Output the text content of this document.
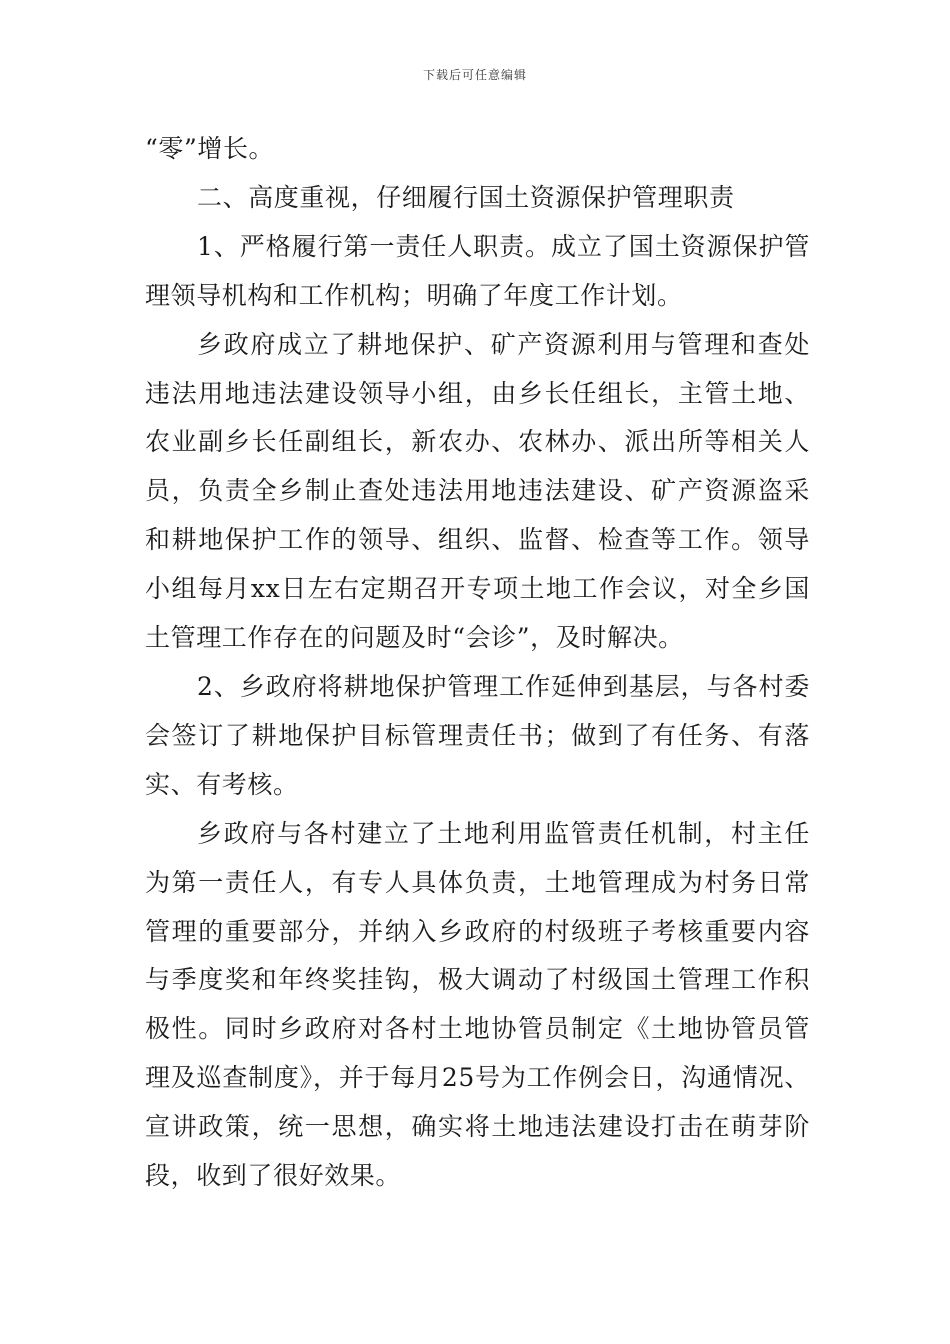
下载后可任意编辑

“零”增长。

二、高度重视，仔细履行国土资源保护管理职责

1、严格履行第一责任人职责。成立了国土资源保护管理领导机构和工作机构；明确了年度工作计划。

乡政府成立了耕地保护、矿产资源利用与管理和查处违法用地违法建设领导小组，由乡长任组长，主管土地、农业副乡长任副组长，新农办、农林办、派出所等相关人员，负责全乡制止查处违法用地违法建设、矿产资源盗采和耕地保护工作的领导、组织、监督、检查等工作。领导小组每月xx日左右定期召开专项土地工作会议，对全乡国土管理工作存在的问题及时“会诊”，及时解决。

2、乡政府将耕地保护管理工作延伸到基层，与各村委会签订了耕地保护目标管理责任书；做到了有任务、有落实、有考核。

乡政府与各村建立了土地利用监管责任机制，村主任为第一责任人，有专人具体负责，土地管理成为村务日常管理的重要部分，并纳入乡政府的村级班子考核重要内容与季度奖和年终奖挂钩，极大调动了村级国土管理工作积极性。同时乡政府对各村土地协管员制定《土地协管员管理及巡查制度》，并于每月25号为工作例会日，沟通情况、宣讲政策，统一思想，确实将土地违法建设打击在萌芽阶段，收到了很好效果。
